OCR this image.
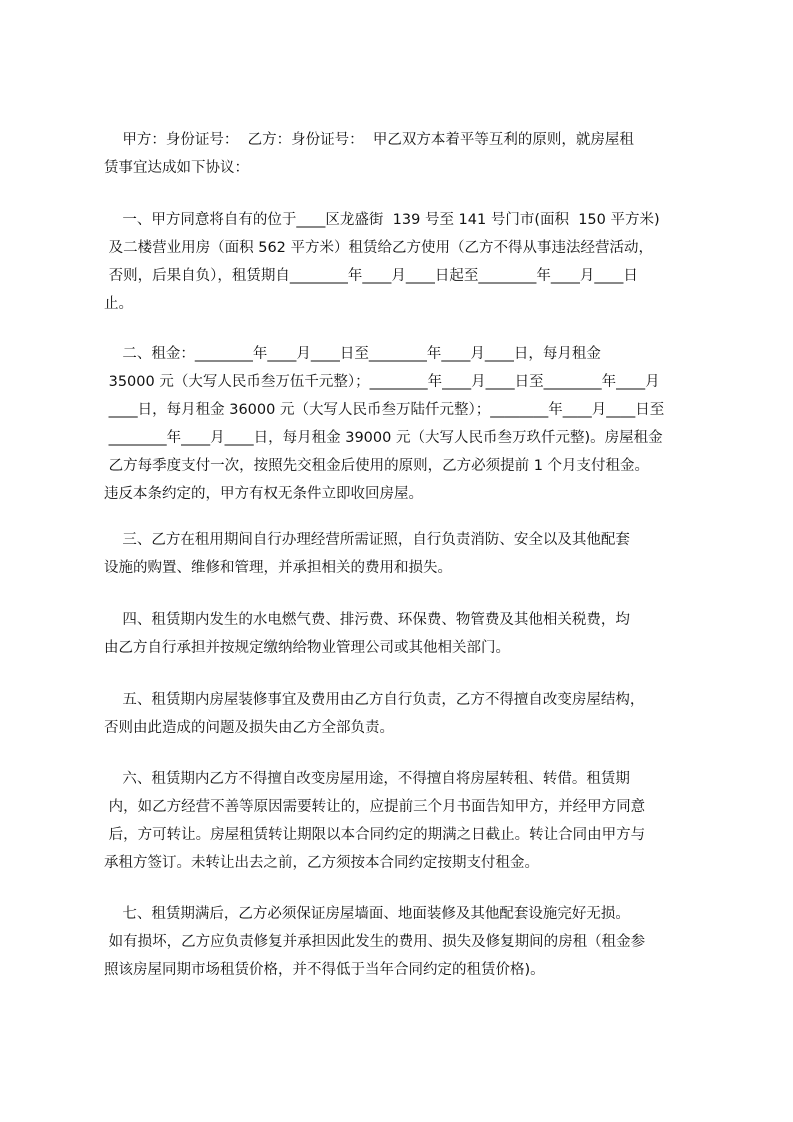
甲方：身份证号：  乙方：身份证号：  甲乙双方本着平等互利的原则，就房屋租
赁事宜达成如下协议：
一、甲方同意将自有的位于____区龙盛街  139 号至 141 号门市(面积  150 平方米)
及二楼营业用房（面积 562 平方米）租赁给乙方使用（乙方不得从事违法经营活动，
否则，后果自负），租赁期自________年____月____日起至________年____月____日
止。
二、租金：________年____月____日至________年____月____日，每月租金
35000 元（大写人民币叁万伍千元整）；________年____月____日至________年____月
____日，每月租金 36000 元（大写人民币叁万陆仟元整）；________年____月____日至
________年____月____日，每月租金 39000 元（大写人民币叁万玖仟元整)。房屋租金
乙方每季度支付一次，按照先交租金后使用的原则，乙方必须提前 1 个月支付租金。
违反本条约定的，甲方有权无条件立即收回房屋。
三、乙方在租用期间自行办理经营所需证照，自行负责消防、安全以及其他配套
设施的购置、维修和管理，并承担相关的费用和损失。
四、租赁期内发生的水电燃气费、排污费、环保费、物管费及其他相关税费，均
由乙方自行承担并按规定缴纳给物业管理公司或其他相关部门。
五、租赁期内房屋装修事宜及费用由乙方自行负责，乙方不得擅自改变房屋结构，
否则由此造成的问题及损失由乙方全部负责。
六、租赁期内乙方不得擅自改变房屋用途，不得擅自将房屋转租、转借。租赁期
内，如乙方经营不善等原因需要转让的，应提前三个月书面告知甲方，并经甲方同意
后，方可转让。房屋租赁转让期限以本合同约定的期满之日截止。转让合同由甲方与
承租方签订。未转让出去之前，乙方须按本合同约定按期支付租金。
七、租赁期满后，乙方必须保证房屋墙面、地面装修及其他配套设施完好无损。
如有损坏，乙方应负责修复并承担因此发生的费用、损失及修复期间的房租（租金参
照该房屋同期市场租赁价格，并不得低于当年合同约定的租赁价格)。
